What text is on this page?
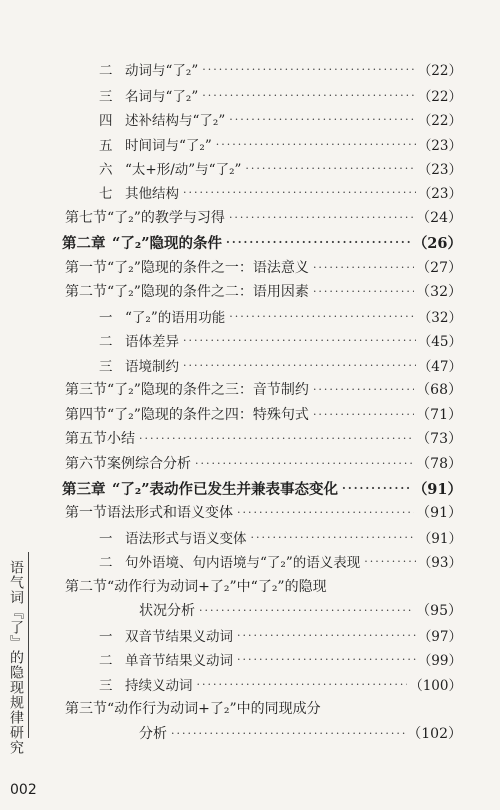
二 动词与“了₂” ·····	（22）
三 名词与“了₂” ·····	（22）
四 述补结构与“了₂” ·····	（22）
五 时间词与“了₂” ·····	（23）
六 “太+形/动”与“了₂” ·····	（23）
七 其他结构 ·····	（23）
第七节“了₂”的教学与习得 ·····	（24）
第二章 “了₂”隐现的条件 ·····	（26）
第一节“了₂”隐现的条件之一：语法意义 ·····	（27）
第二节“了₂”隐现的条件之二：语用因素 ·····	（32）
一 “了₂”的语用功能 ·····	（32）
二 语体差异 ·····	（45）
三 语境制约 ·····	（47）
第三节“了₂”隐现的条件之三：音节制约 ·····	（68）
第四节“了₂”隐现的条件之四：特殊句式 ·····	（71）
第五节小结 ·····	（73）
第六节案例综合分析 ·····	（78）
第三章 “了₂”表动作已发生并兼表事态变化 ·····	（91）
第一节语法形式和语义变体 ·····	（91）
一 语法形式与语义变体 ·····	（91）
二 句外语境、句内语境与“了₂”的语义表现 ·····	（93）
第二节“动作行为动词+了₂”中“了₂”的隐现
状况分析 ·····	（95）
一 双音节结果义动词 ·····	（97）
二 单音节结果义动词 ·····	（99）
三 持续义动词 ·····	（100）
第三节“动作行为动词+了₂”中的同现成分
分析 ·····	（102）
语气词『了』的隐现规律研究
002
